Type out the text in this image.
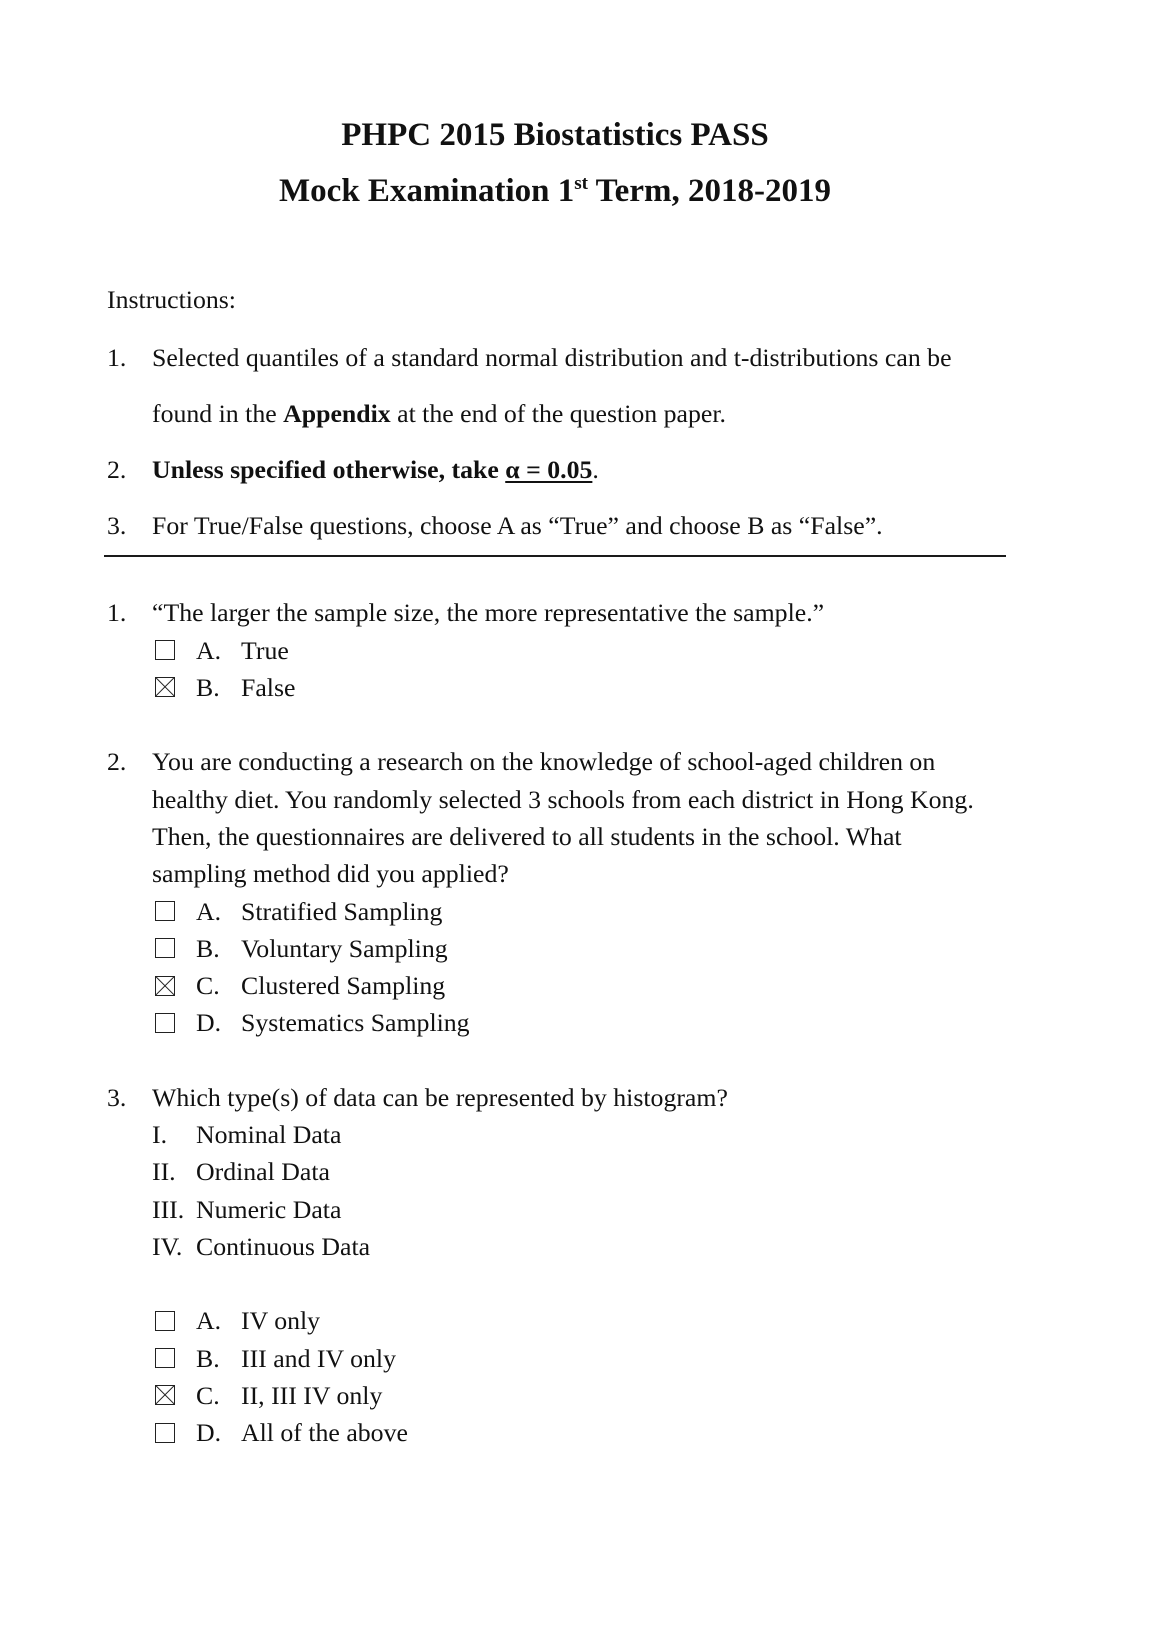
PHPC 2015 Biostatistics PASS
Mock Examination 1st Term, 2018-2019
Instructions:
1. Selected quantiles of a standard normal distribution and t-distributions can be
found in the Appendix at the end of the question paper.
2. Unless specified otherwise, take α = 0.05.
3. For True/False questions, choose A as “True” and choose B as “False”.
1. “The larger the sample size, the more representative the sample.”
A. True
B. False
2. You are conducting a research on the knowledge of school-aged children on
healthy diet. You randomly selected 3 schools from each district in Hong Kong.
Then, the questionnaires are delivered to all students in the school. What
sampling method did you applied?
A. Stratified Sampling
B. Voluntary Sampling
C. Clustered Sampling
D. Systematics Sampling
3. Which type(s) of data can be represented by histogram?
I. Nominal Data
II. Ordinal Data
III. Numeric Data
IV. Continuous Data
A. IV only
B. III and IV only
C. II, III IV only
D. All of the above
